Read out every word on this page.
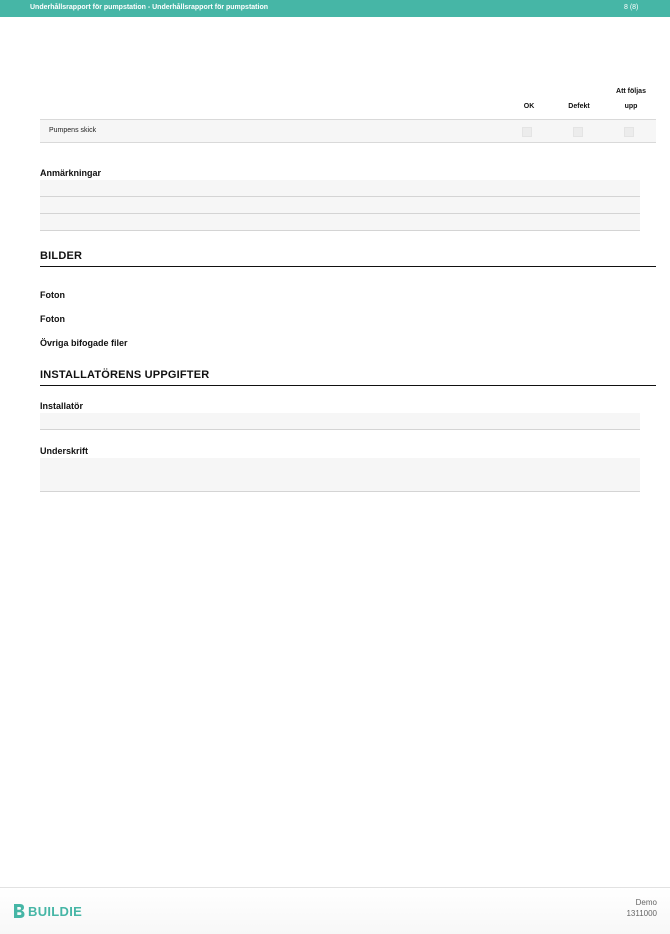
Underhållsrapport för pumpstation - Underhållsrapport för pumpstation	8 (8)
OK	Defekt
Att följas
upp
Pumpens skick
Anmärkningar
BILDER
Foton
Foton
Övriga bifogade filer
INSTALLATÖRENS UPPGIFTER
Installatör
Underskrift
BUILDIE
Demo
1311000
